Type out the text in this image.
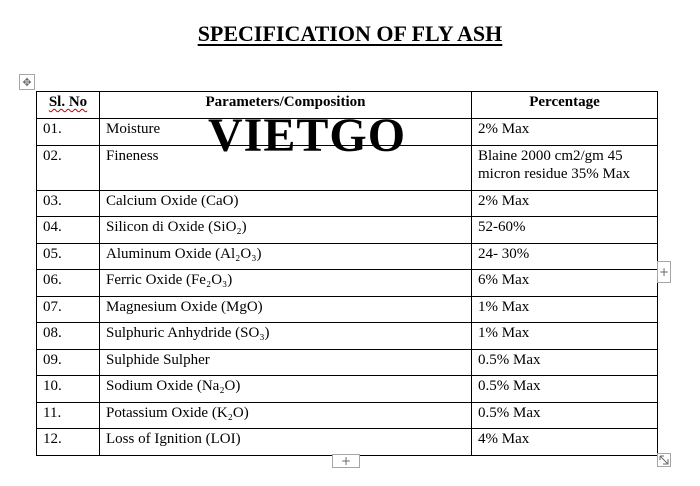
SPECIFICATION OF FLY ASH
✥
Sl. No	Parameters/Composition	Percentage
01.	Moisture	2% Max
02.	Fineness	Blaine 2000 cm2/gm 45 micron residue 35% Max
03.	Calcium Oxide (CaO)	2% Max
04.	Silicon di Oxide (SiO₂)	52-60%
05.	Aluminum Oxide (Al₂O₃)	24- 30%
06.	Ferric Oxide (Fe₂O₃)	6% Max
07.	Magnesium Oxide (MgO)	1% Max
08.	Sulphuric Anhydride (SO₃)	1% Max
09.	Sulphide Sulpher	0.5% Max
10.	Sodium Oxide (Na₂O)	0.5% Max
11.	Potassium Oxide (K₂O)	0.5% Max
12.	Loss of Ignition (LOI)	4% Max
VIETGO
+
+
